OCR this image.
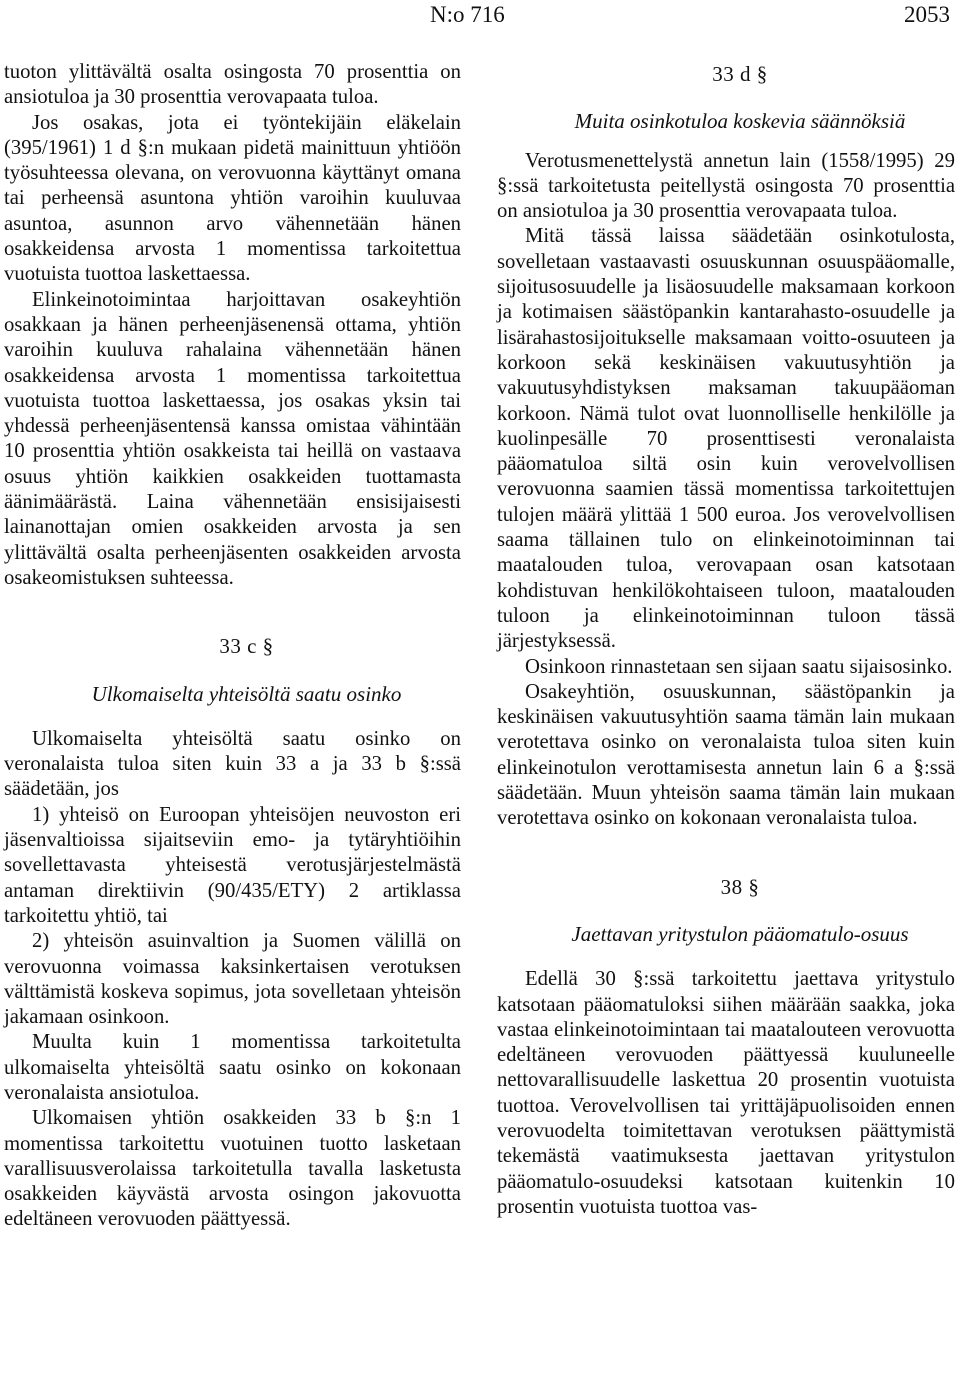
N:o 716	2053

tuoton ylittävältä osalta osingosta 70 prosenttia on ansiotuloa ja 30 prosenttia verovapaata tuloa.

Jos osakas, jota ei työntekijäin eläkelain (395/1961) 1 d §:n mukaan pidetä mainittuun yhtiöön työsuhteessa olevana, on verovuonna käyttänyt omana tai perheensä asuntona yhtiön varoihin kuuluvaa asuntoa, asunnon arvo vähennetään hänen osakkeidensa arvosta 1 momentissa tarkoitettua vuotuista tuottoa laskettaessa.

Elinkeinotoimintaa harjoittavan osakeyhtiön osakkaan ja hänen perheenjäsenensä ottama, yhtiön varoihin kuuluva rahalaina vähennetään hänen osakkeidensa arvosta 1 momentissa tarkoitettua vuotuista tuottoa laskettaessa, jos osakas yksin tai yhdessä perheenjäsentensä kanssa omistaa vähintään 10 prosenttia yhtiön osakkeista tai heillä on vastaava osuus yhtiön kaikkien osakkeiden tuottamasta äänimäärästä. Laina vähennetään ensisijaisesti lainanottajan omien osakkeiden arvosta ja sen ylittävältä osalta perheenjäsenten osakkeiden arvosta osakeomistuksen suhteessa.

33 c §

Ulkomaiselta yhteisöltä saatu osinko

Ulkomaiselta yhteisöltä saatu osinko on veronalaista tuloa siten kuin 33 a ja 33 b §:ssä säädetään, jos

1) yhteisö on Euroopan yhteisöjen neuvoston eri jäsenvaltioissa sijaitseviin emo- ja tytäryhtiöihin sovellettavasta yhteisestä verotusjärjestelmästä antaman direktiivin (90/435/ETY) 2 artiklassa tarkoitettu yhtiö, tai

2) yhteisön asuinvaltion ja Suomen välillä on verovuonna voimassa kaksinkertaisen verotuksen välttämistä koskeva sopimus, jota sovelletaan yhteisön jakamaan osinkoon.

Muulta kuin 1 momentissa tarkoitetulta ulkomaiselta yhteisöltä saatu osinko on kokonaan veronalaista ansiotuloa.

Ulkomaisen yhtiön osakkeiden 33 b §:n 1 momentissa tarkoitettu vuotuinen tuotto lasketaan varallisuusverolaissa tarkoitetulla tavalla lasketusta osakkeiden käyvästä arvosta osingon jakovuotta edeltäneen verovuoden päättyessä.

33 d §

Muita osinkotuloa koskevia säännöksiä

Verotusmenettelystä annetun lain (1558/1995) 29 §:ssä tarkoitetusta peitellystä osingosta 70 prosenttia on ansiotuloa ja 30 prosenttia verovapaata tuloa.

Mitä tässä laissa säädetään osinkotulosta, sovelletaan vastaavasti osuuskunnan osuuspääomalle, sijoitusosuudelle ja lisäosuudelle maksamaan korkoon ja kotimaisen säästöpankin kantarahasto-osuudelle ja lisärahastosijoitukselle maksamaan voitto-osuuteen ja korkoon sekä keskinäisen vakuutusyhtiön ja vakuutusyhdistyksen maksaman takuupääoman korkoon. Nämä tulot ovat luonnolliselle henkilölle ja kuolinpesälle 70 prosenttisesti veronalaista pääomatuloa siltä osin kuin verovelvollisen verovuonna saamien tässä momentissa tarkoitettujen tulojen määrä ylittää 1 500 euroa. Jos verovelvollisen saama tällainen tulo on elinkeinotoiminnan tai maatalouden tuloa, verovapaan osan katsotaan kohdistuvan henkilökohtaiseen tuloon, maatalouden tuloon ja elinkeinotoiminnan tuloon tässä järjestyksessä.

Osinkoon rinnastetaan sen sijaan saatu sijaisosinko.

Osakeyhtiön, osuuskunnan, säästöpankin ja keskinäisen vakuutusyhtiön saama tämän lain mukaan verotettava osinko on veronalaista tuloa siten kuin elinkeinotulon verottamisesta annetun lain 6 a §:ssä säädetään. Muun yhteisön saama tämän lain mukaan verotettava osinko on kokonaan veronalaista tuloa.

38 §

Jaettavan yritystulon pääomatulo-osuus

Edellä 30 §:ssä tarkoitettu jaettava yritystulo katsotaan pääomatuloksi siihen määrään saakka, joka vastaa elinkeinotoimintaan tai maatalouteen verovuotta edeltäneen verovuoden päättyessä kuuluneelle nettovarallisuudelle laskettua 20 prosentin vuotuista tuottoa. Verovelvollisen tai yrittäjäpuolisoiden ennen verovuodelta toimitettavan verotuksen päättymistä tekemästä vaatimuksesta jaettavan yritystulon pääomatulo-osuudeksi katsotaan kuitenkin 10 prosentin vuotuista tuottoa vas-
